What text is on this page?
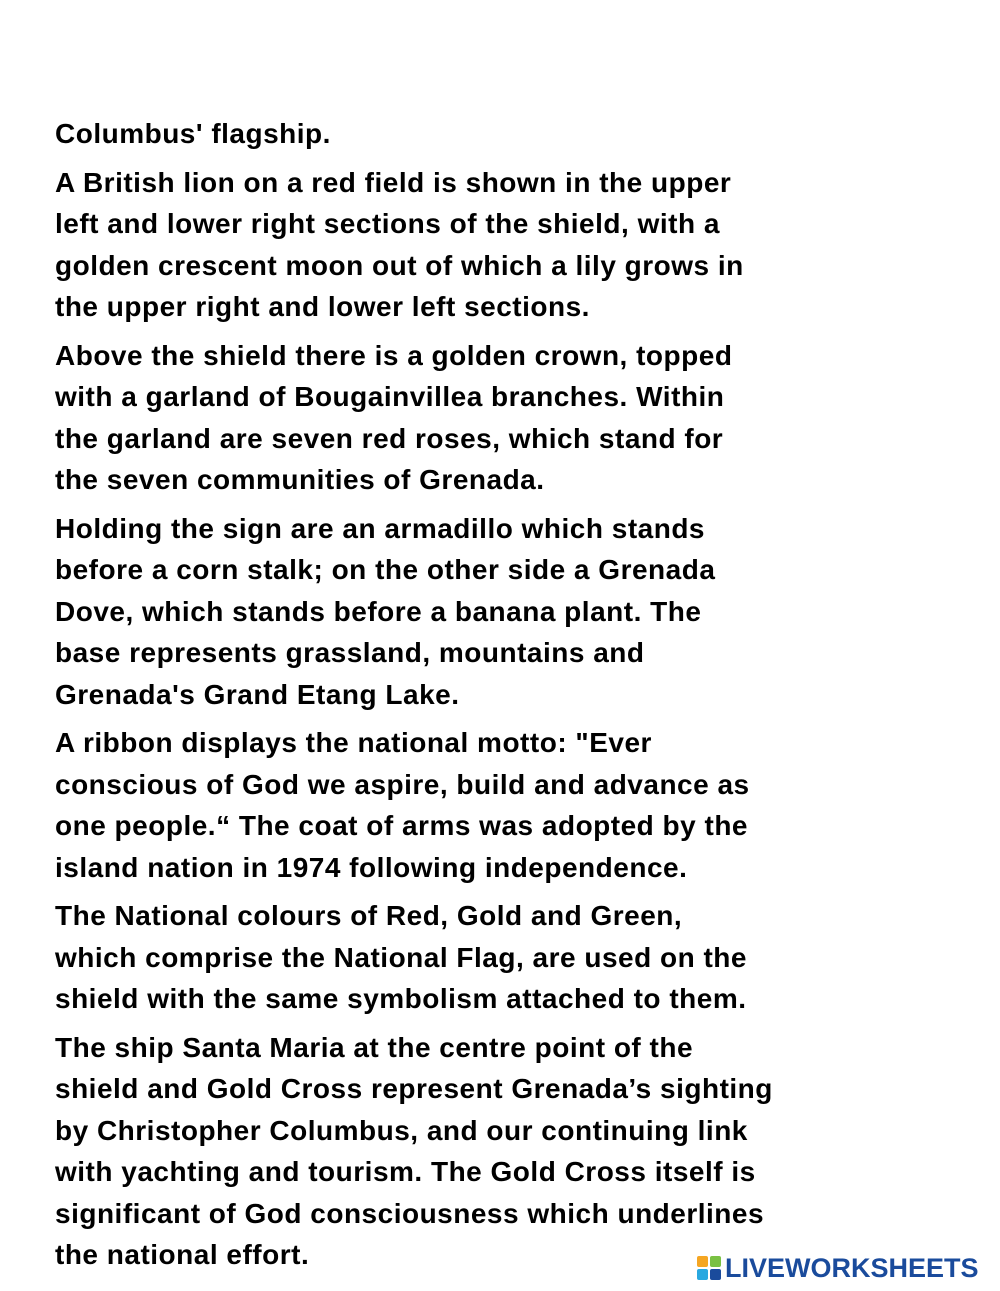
Columbus' flagship.

A British lion on a red field is shown in the upper
left and lower right sections of the shield, with a
golden crescent moon out of which a lily grows in
the upper right and lower left sections.

Above the shield there is a golden crown, topped
with a garland of Bougainvillea branches. Within
the garland are seven red roses, which stand for
the seven communities of Grenada.

Holding the sign are an armadillo which stands
before a corn stalk; on the other side a Grenada
Dove, which stands before a banana plant. The
base represents grassland, mountains and
Grenada's Grand Etang Lake.

A ribbon displays the national motto: "Ever
conscious of God we aspire, build and advance as
one people.“ The coat of arms was adopted by the
island nation in 1974 following independence.

The National colours of Red, Gold and Green,
which comprise the National Flag, are used on the
shield with the same symbolism attached to them.

The ship Santa Maria at the centre point of the
shield and Gold Cross represent Grenada’s sighting
by Christopher Columbus, and our continuing link
with yachting and tourism. The Gold Cross itself is
significant of God consciousness which underlines
the national effort.	LIVEWORKSHEETS
